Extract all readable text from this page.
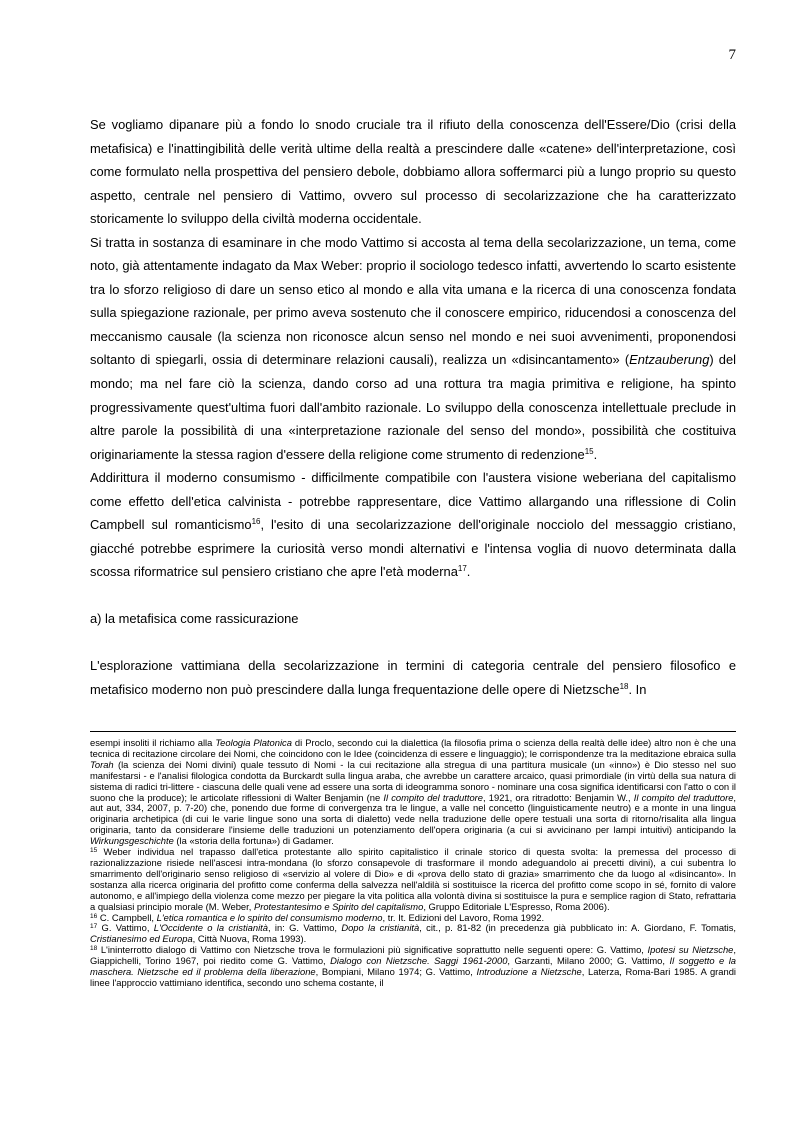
7

Se vogliamo dipanare più a fondo lo snodo cruciale tra il rifiuto della conoscenza dell'Essere/Dio (crisi della metafisica) e l'inattingibilità delle verità ultime della realtà a prescindere dalle «catene» dell'interpretazione, così come formulato nella prospettiva del pensiero debole, dobbiamo allora soffermarci più a lungo proprio su questo aspetto, centrale nel pensiero di Vattimo, ovvero sul processo di secolarizzazione che ha caratterizzato storicamente lo sviluppo della civiltà moderna occidentale.

Si tratta in sostanza di esaminare in che modo Vattimo si accosta al tema della secolarizzazione, un tema, come noto, già attentamente indagato da Max Weber: proprio il sociologo tedesco infatti, avvertendo lo scarto esistente tra lo sforzo religioso di dare un senso etico al mondo e alla vita umana e la ricerca di una conoscenza fondata sulla spiegazione razionale, per primo aveva sostenuto che il conoscere empirico, riducendosi a conoscenza del meccanismo causale (la scienza non riconosce alcun senso nel mondo e nei suoi avvenimenti, proponendosi soltanto di spiegarli, ossia di determinare relazioni causali), realizza un «disincantamento» (Entzauberung) del mondo; ma nel fare ciò la scienza, dando corso ad una rottura tra magia primitiva e religione, ha spinto progressivamente quest'ultima fuori dall'ambito razionale. Lo sviluppo della conoscenza intellettuale preclude in altre parole la possibilità di una «interpretazione razionale del senso del mondo», possibilità che costituiva originariamente la stessa ragion d'essere della religione come strumento di redenzione$^{15}$.

Addirittura il moderno consumismo - difficilmente compatibile con l'austera visione weberiana del capitalismo come effetto dell'etica calvinista - potrebbe rappresentare, dice Vattimo allargando una riflessione di Colin Campbell sul romanticismo$^{16}$, l'esito di una secolarizzazione dell'originale nocciolo del messaggio cristiano, giacché potrebbe esprimere la curiosità verso mondi alternativi e l'intensa voglia di nuovo determinata dalla scossa riformatrice sul pensiero cristiano che apre l'età moderna$^{17}$.

a) la metafisica come rassicurazione

L'esplorazione vattimiana della secolarizzazione in termini di categoria centrale del pensiero filosofico e metafisico moderno non può prescindere dalla lunga frequentazione delle opere di Nietzsche$^{18}$. In

esempi insoliti il richiamo alla Teologia Platonica di Proclo, secondo cui la dialettica (la filosofia prima o scienza della realtà delle idee) altro non è che una tecnica di recitazione circolare dei Nomi, che coincidono con le Idee (coincidenza di essere e linguaggio); le corrispondenze tra la meditazione ebraica sulla Torah (la scienza dei Nomi divini) quale tessuto di Nomi - la cui recitazione alla stregua di una partitura musicale (un «inno») è Dio stesso nel suo manifestarsi - e l'analisi filologica condotta da Burckardt sulla lingua araba, che avrebbe un carattere arcaico, quasi primordiale (in virtù della sua natura di sistema di radici tri-littere - ciascuna delle quali vene ad essere una sorta di ideogramma sonoro - nominare una cosa significa identificarsi con l'atto o con il suono che la produce); le articolate riflessioni di Walter Benjamin (ne Il compito del traduttore, 1921, ora ritradotto: Benjamin W., Il compito del traduttore, aut aut, 334, 2007, p. 7-20) che, ponendo due forme di convergenza tra le lingue, a valle nel concetto (linguisticamente neutro) e a monte in una lingua originaria archetipica (di cui le varie lingue sono una sorta di dialetto) vede nella traduzione delle opere testuali una sorta di ritorno/risalita alla lingua originaria, tanto da considerare l'insieme delle traduzioni un potenziamento dell'opera originaria (a cui si avvicinano per lampi intuitivi) anticipando la Wirkungsgeschichte (la «storia della fortuna») di Gadamer.

$^{15}$ Weber individua nel trapasso dall'etica protestante allo spirito capitalistico il crinale storico di questa svolta: la premessa del processo di razionalizzazione risiede nell'ascesi intra-mondana (lo sforzo consapevole di trasformare il mondo adeguandolo ai precetti divini), a cui subentra lo smarrimento dell'originario senso religioso di «servizio al volere di Dio» e di «prova dello stato di grazia» smarrimento che da luogo al «disincanto». In sostanza alla ricerca originaria del profitto come conferma della salvezza nell'aldilà si sostituisce la ricerca del profitto come scopo in sé, fornito di valore autonomo, e all'impiego della violenza come mezzo per piegare la vita politica alla volontà divina si sostituisce la pura e semplice ragion di Stato, refrattaria a qualsiasi principio morale (M. Weber, Protestantesimo e Spirito del capitalismo, Gruppo Editoriale L'Espresso, Roma 2006).

$^{16}$ C. Campbell, L'etica romantica e lo spirito del consumismo moderno, tr. It. Edizioni del Lavoro, Roma 1992.

$^{17}$ G. Vattimo, L'Occidente o la cristianità, in: G. Vattimo, Dopo la cristianità, cit., p. 81-82 (in precedenza già pubblicato in: A. Giordano, F. Tomatis, Cristianesimo ed Europa, Città Nuova, Roma 1993).

$^{18}$ L'ininterrotto dialogo di Vattimo con Nietzsche trova le formulazioni più significative soprattutto nelle seguenti opere: G. Vattimo, Ipotesi su Nietzsche, Giappichelli, Torino 1967, poi riedito come G. Vattimo, Dialogo con Nietzsche. Saggi 1961-2000, Garzanti, Milano 2000; G. Vattimo, Il soggetto e la maschera. Nietzsche ed il problema della liberazione, Bompiani, Milano 1974; G. Vattimo, Introduzione a Nietzsche, Laterza, Roma-Bari 1985. A grandi linee l'approccio vattimiano identifica, secondo uno schema costante, il
